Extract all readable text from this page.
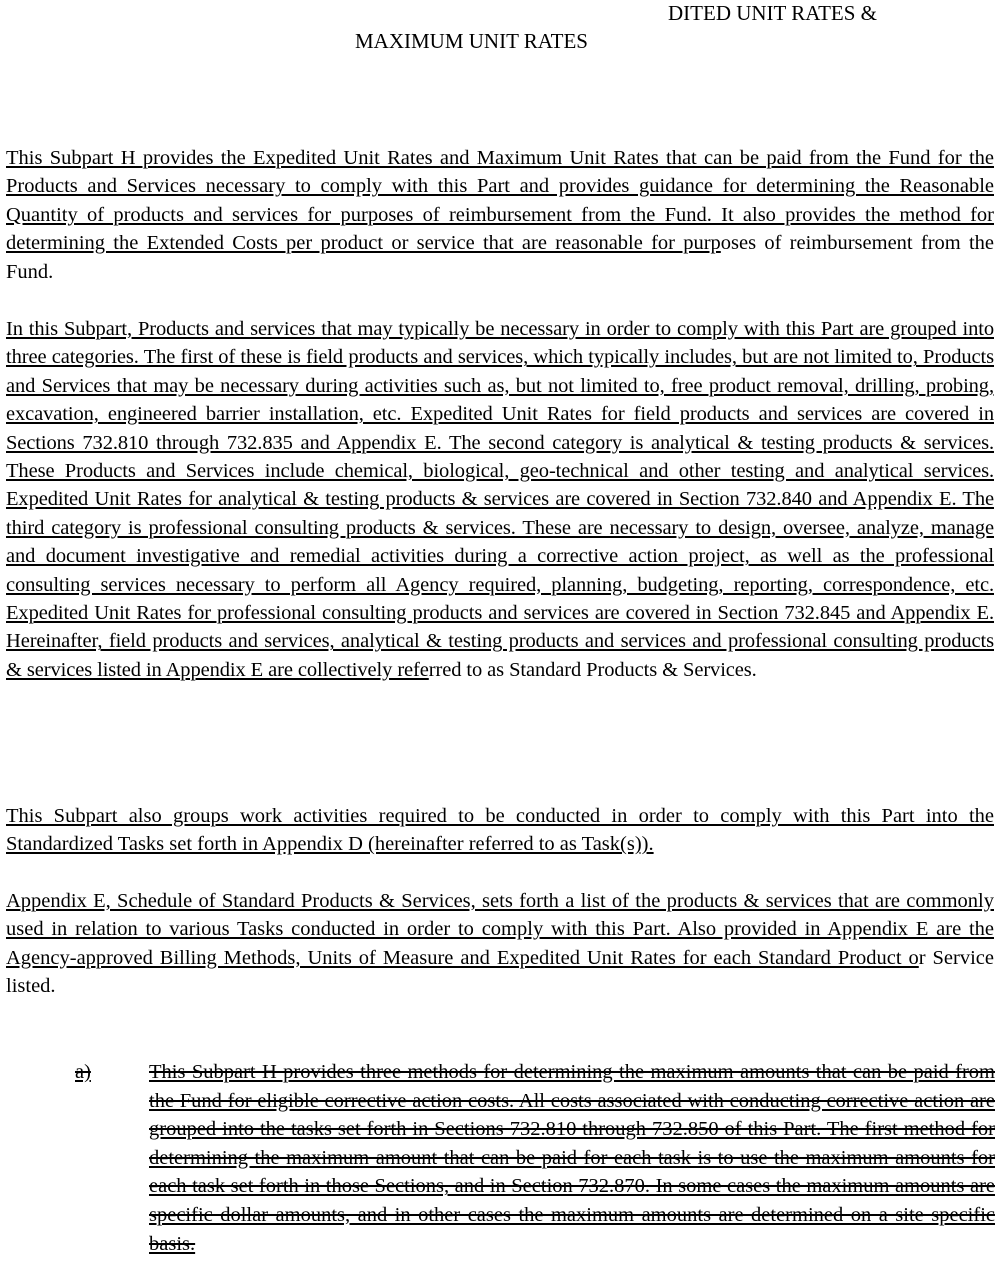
DITED UNIT RATES &
MAXIMUM UNIT RATES

This Subpart H provides the Expedited Unit Rates and Maximum Unit Rates that can be paid from the Fund for the Products and Services necessary to comply with this Part and provides guidance for determining the Reasonable Quantity of products and services for purposes of reimbursement from the Fund. It also provides the method for determining the Extended Costs per product or service that are reasonable for purposes of reimbursement from the Fund.

In this Subpart, Products and services that may typically be necessary in order to comply with this Part are grouped into three categories. The first of these is field products and services, which typically includes, but are not limited to, Products and Services that may be necessary during activities such as, but not limited to, free product removal, drilling, probing, excavation, engineered barrier installation, etc. Expedited Unit Rates for field products and services are covered in Sections 732.810 through 732.835 and Appendix E. The second category is analytical & testing products & services. These Products and Services include chemical, biological, geo-technical and other testing and analytical services. Expedited Unit Rates for analytical & testing products & services are covered in Section 732.840 and Appendix E. The third category is professional consulting products & services. These are necessary to design, oversee, analyze, manage and document investigative and remedial activities during a corrective action project, as well as the professional consulting services necessary to perform all Agency required, planning, budgeting, reporting, correspondence, etc. Expedited Unit Rates for professional consulting products and services are covered in Section 732.845 and Appendix E. Hereinafter, field products and services, analytical & testing products and services and professional consulting products & services listed in Appendix E are collectively referred to as Standard Products & Services.

This Subpart also groups work activities required to be conducted in order to comply with this Part into the Standardized Tasks set forth in Appendix D (hereinafter referred to as Task(s)).

Appendix E, Schedule of Standard Products & Services, sets forth a list of the products & services that are commonly used in relation to various Tasks conducted in order to comply with this Part. Also provided in Appendix E are the Agency-approved Billing Methods, Units of Measure and Expedited Unit Rates for each Standard Product or Service listed.

a)	This Subpart H provides three methods for determining the maximum amounts that can be paid from the Fund for eligible corrective action costs. All costs associated with conducting corrective action are grouped into the tasks set forth in Sections 732.810 through 732.850 of this Part. The first method for determining the maximum amount that can be paid for each task is to use the maximum amounts for each task set forth in those Sections, and in Section 732.870. In some cases the maximum amounts are specific dollar amounts, and in other cases the maximum amounts are determined on a site specific basis.
